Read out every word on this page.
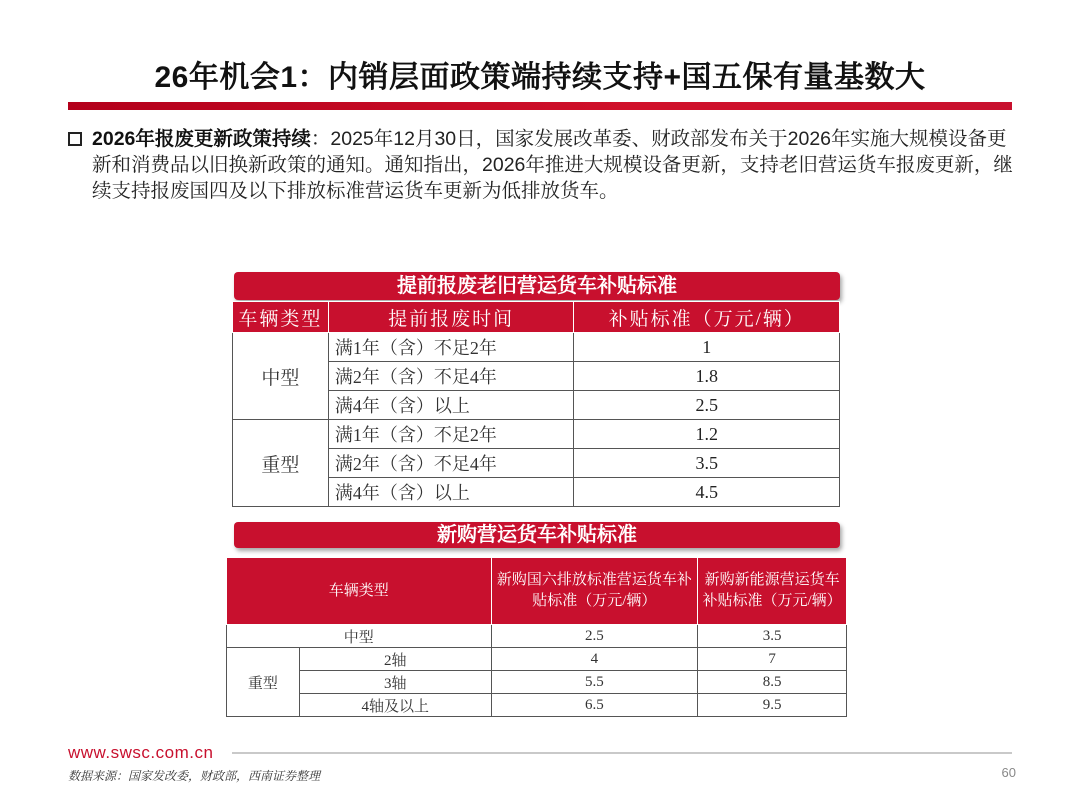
26年机会1：内销层面政策端持续支持+国五保有量基数大
2026年报废更新政策持续：2025年12月30日，国家发展改革委、财政部发布关于2026年实施大规模设备更新和消费品以旧换新政策的通知。通知指出，2026年推进大规模设备更新，支持老旧营运货车报废更新，继续支持报废国四及以下排放标准营运货车更新为低排放货车。
提前报废老旧营运货车补贴标准
车辆类型	提前报废时间	补贴标准（万元/辆）
中型	满1年（含）不足2年	1
	满2年（含）不足4年	1.8
	满4年（含）以上	2.5
重型	满1年（含）不足2年	1.2
	满2年（含）不足4年	3.5
	满4年（含）以上	4.5
新购营运货车补贴标准
车辆类型		新购国六排放标准营运货车补贴标准（万元/辆）	新购新能源营运货车补贴标准（万元/辆）
中型		2.5	3.5
重型	2轴	4	7
	3轴	5.5	8.5
	4轴及以上	6.5	9.5
www.swsc.com.cn
数据来源：国家发改委，财政部，西南证券整理	60
